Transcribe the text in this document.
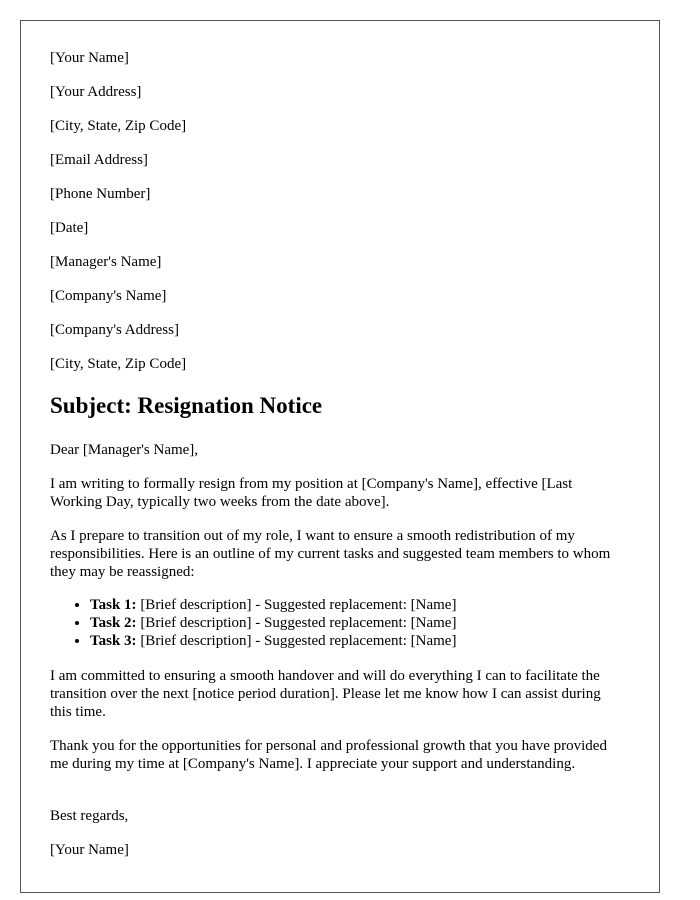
[Your Name]

[Your Address]

[City, State, Zip Code]

[Email Address]

[Phone Number]

[Date]

[Manager's Name]

[Company's Name]

[Company's Address]

[City, State, Zip Code]

Subject: Resignation Notice

Dear [Manager's Name],

I am writing to formally resign from my position at [Company's Name], effective [Last Working Day, typically two weeks from the date above].

As I prepare to transition out of my role, I want to ensure a smooth redistribution of my responsibilities. Here is an outline of my current tasks and suggested team members to whom they may be reassigned:

• Task 1: [Brief description] - Suggested replacement: [Name]
• Task 2: [Brief description] - Suggested replacement: [Name]
• Task 3: [Brief description] - Suggested replacement: [Name]

I am committed to ensuring a smooth handover and will do everything I can to facilitate the transition over the next [notice period duration]. Please let me know how I can assist during this time.

Thank you for the opportunities for personal and professional growth that you have provided me during my time at [Company's Name]. I appreciate your support and understanding.

Best regards,

[Your Name]
